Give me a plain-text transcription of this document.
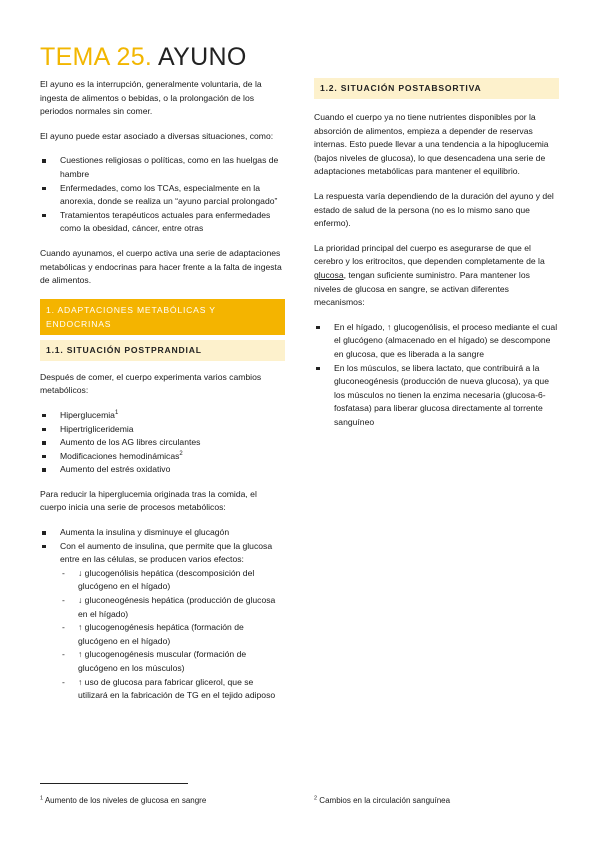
TEMA 25. AYUNO

El ayuno es la interrupción, generalmente voluntaria, de la ingesta de alimentos o bebidas, o la prolongación de los periodos normales sin comer.

El ayuno puede estar asociado a diversas situaciones, como:

Cuestiones religiosas o políticas, como en las huelgas de hambre
Enfermedades, como los TCAs, especialmente en la anorexia, donde se realiza un “ayuno parcial prolongado”
Tratamientos terapéuticos actuales para enfermedades como la obesidad, cáncer, entre otras

Cuando ayunamos, el cuerpo activa una serie de adaptaciones metabólicas y endocrinas para hacer frente a la falta de ingesta de alimentos.

1. ADAPTACIONES METABÓLICAS Y ENDOCRINAS
1.1. SITUACIÓN POSTPRANDIAL

Después de comer, el cuerpo experimenta varios cambios metabólicos:

Hiperglucemia$^1$
Hipertrigliceridemia
Aumento de los AG libres circulantes
Modificaciones hemodinámicas$^2$
Aumento del estrés oxidativo

Para reducir la hiperglucemia originada tras la comida, el cuerpo inicia una serie de procesos metabólicos:

Aumenta la insulina y disminuye el glucagón
Con el aumento de insulina, que permite que la glucosa entre en las células, se producen varios efectos:
- ↓ glucogenólisis hepática (descomposición del glucógeno en el hígado)
- ↓ gluconeogénesis hepática (producción de glucosa en el hígado)
- ↑ glucogenogénesis hepática (formación de glucógeno en el hígado)
- ↑ glucogenogénesis muscular (formación de glucógeno en los músculos)
- ↑ uso de glucosa para fabricar glicerol, que se utilizará en la fabricación de TG en el tejido adiposo
1.2. SITUACIÓN POSTABSORTIVA

Cuando el cuerpo ya no tiene nutrientes disponibles por la absorción de alimentos, empieza a depender de reservas internas. Esto puede llevar a una tendencia a la hipoglucemia (bajos niveles de glucosa), lo que desencadena una serie de adaptaciones metabólicas para mantener el equilibrio.

La respuesta varía dependiendo de la duración del ayuno y del estado de salud de la persona (no es lo mismo sano que enfermo).

La prioridad principal del cuerpo es asegurarse de que el cerebro y los eritrocitos, que dependen completamente de la glucosa, tengan suficiente suministro. Para mantener los niveles de glucosa en sangre, se activan diferentes mecanismos:

En el hígado, ↑ glucogenólisis, el proceso mediante el cual el glucógeno (almacenado en el hígado) se descompone en glucosa, que es liberada a la sangre
En los músculos, se libera lactato, que contribuirá a la gluconeogénesis (producción de nueva glucosa), ya que los músculos no tienen la enzima necesaria (glucosa-6-fosfatasa) para liberar glucosa directamente al torrente sanguíneo
$^1$ Aumento de los niveles de glucosa en sangre	$^2$ Cambios en la circulación sanguínea
